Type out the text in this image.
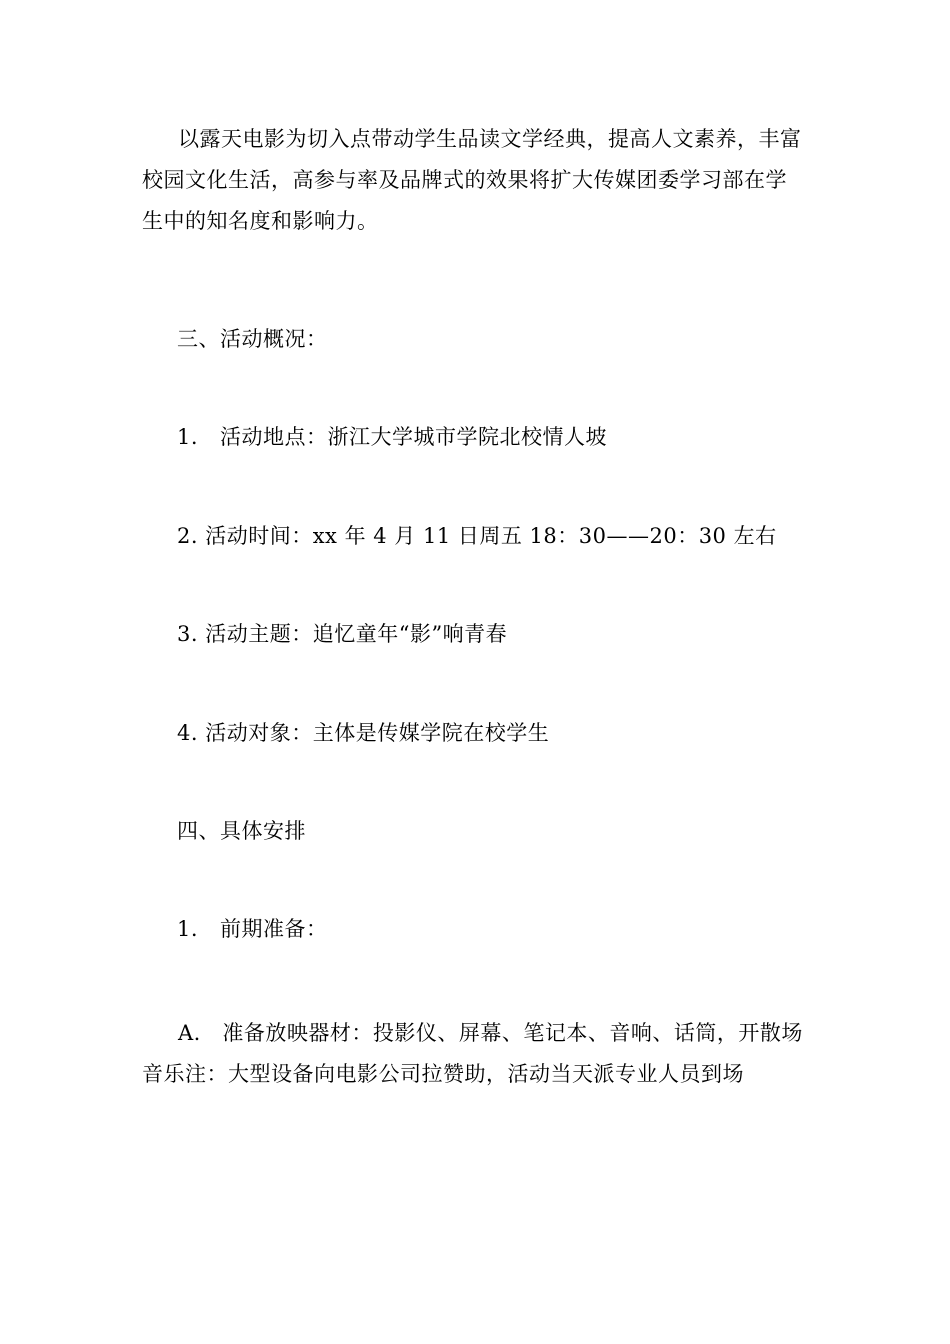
以露天电影为切入点带动学生品读文学经典，提高人文素养，丰富校园文化生活，高参与率及品牌式的效果将扩大传媒团委学习部在学生中的知名度和影响力。

三、活动概况：

1. 活动地点：浙江大学城市学院北校情人坡

2. 活动时间：xx 年 4 月 11 日周五 18：30——20：30 左右

3. 活动主题：追忆童年“影”响青春

4. 活动对象：主体是传媒学院在校学生

四、具体安排

1. 前期准备：

A.　准备放映器材：投影仪、屏幕、笔记本、音响、话筒，开散场音乐注：大型设备向电影公司拉赞助，活动当天派专业人员到场
